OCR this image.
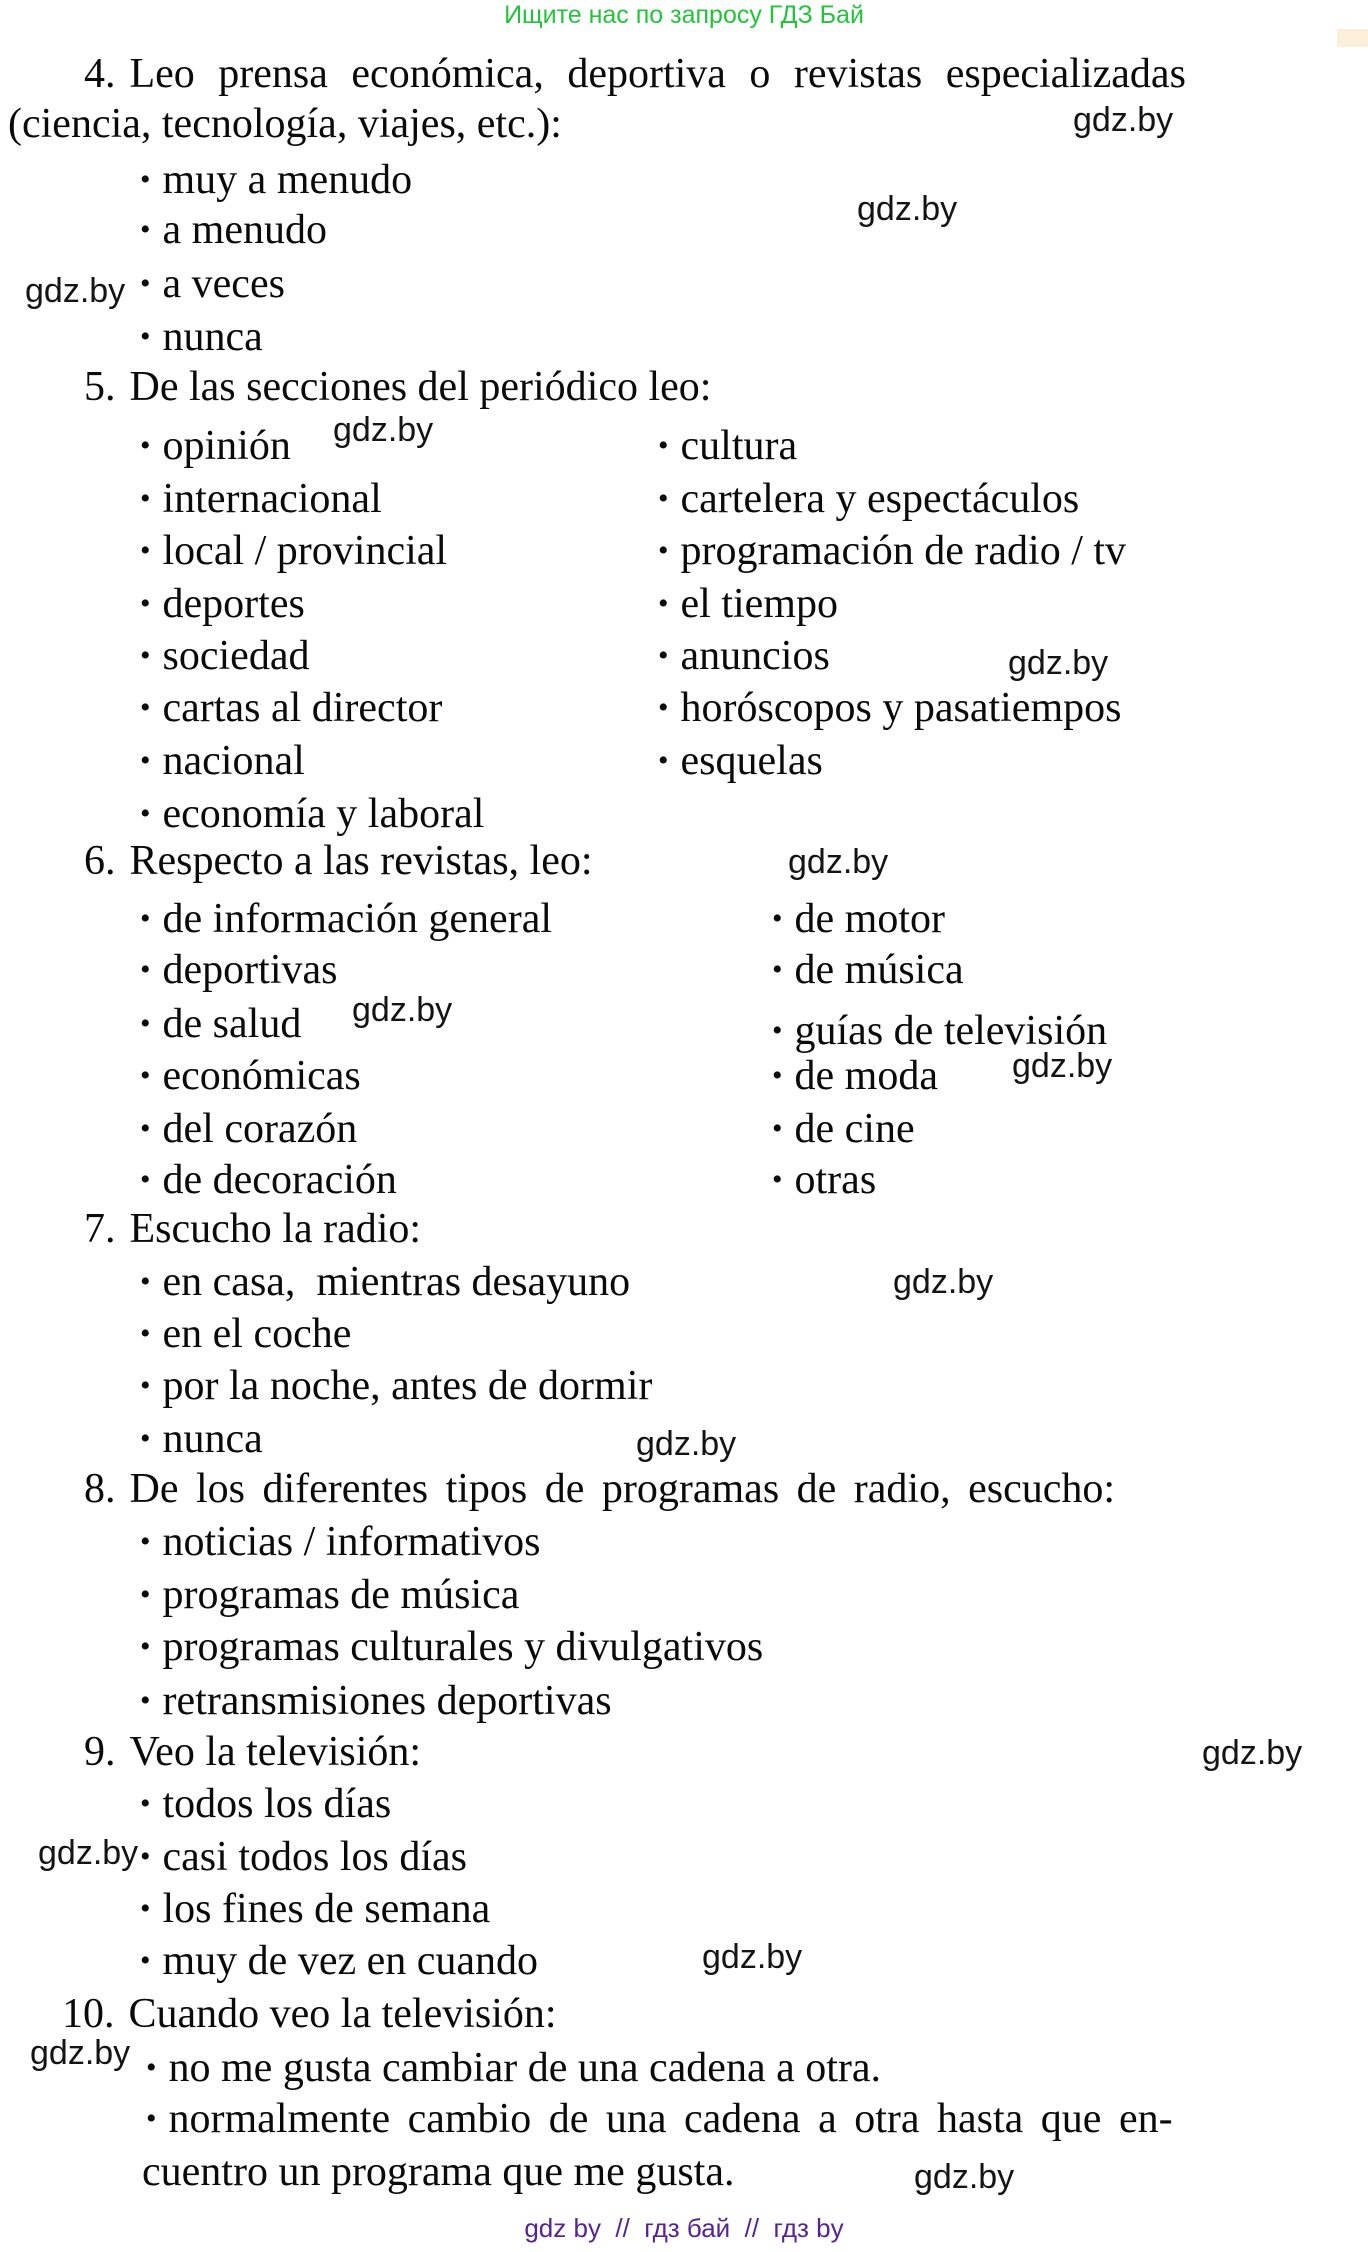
Ищите нас по запросу ГДЗ Бай
4. Leo prensa económica, deportiva o revistas especializadas
(ciencia, tecnología, viajes, etc.):
• muy a menudo
• a menudo
• a veces
• nunca
5. De las secciones del periódico leo:
• opinión
• internacional
• local / provincial
• deportes
• sociedad
• cartas al director
• nacional
• economía y laboral
• cultura
• cartelera y espectáculos
• programación de radio / tv
• el tiempo
• anuncios
• horóscopos y pasatiempos
• esquelas
6. Respecto a las revistas, leo:
• de información general
• deportivas
• de salud
• económicas
• del corazón
• de decoración
• de motor
• de música
• guías de televisión
• de moda
• de cine
• otras
7. Escucho la radio:
• en casa,  mientras desayuno
• en el coche
• por la noche, antes de dormir
• nunca
8. De los diferentes tipos de programas de radio, escucho:
• noticias / informativos
• programas de música
• programas culturales y divulgativos
• retransmisiones deportivas
9. Veo la televisión:
• todos los días
• casi todos los días
• los fines de semana
• muy de vez en cuando
10. Cuando veo la televisión:
• no me gusta cambiar de una cadena a otra.
• normalmente cambio de una cadena a otra hasta que en-
cuentro un programa que me gusta.
gdz.by
gdz.by
gdz.by
gdz.by
gdz.by
gdz.by
gdz.by
gdz.by
gdz.by
gdz.by
gdz.by
gdz.by
gdz.by
gdz.by
gdz.by
gdz by  //  гдз бай  //  гдз by
